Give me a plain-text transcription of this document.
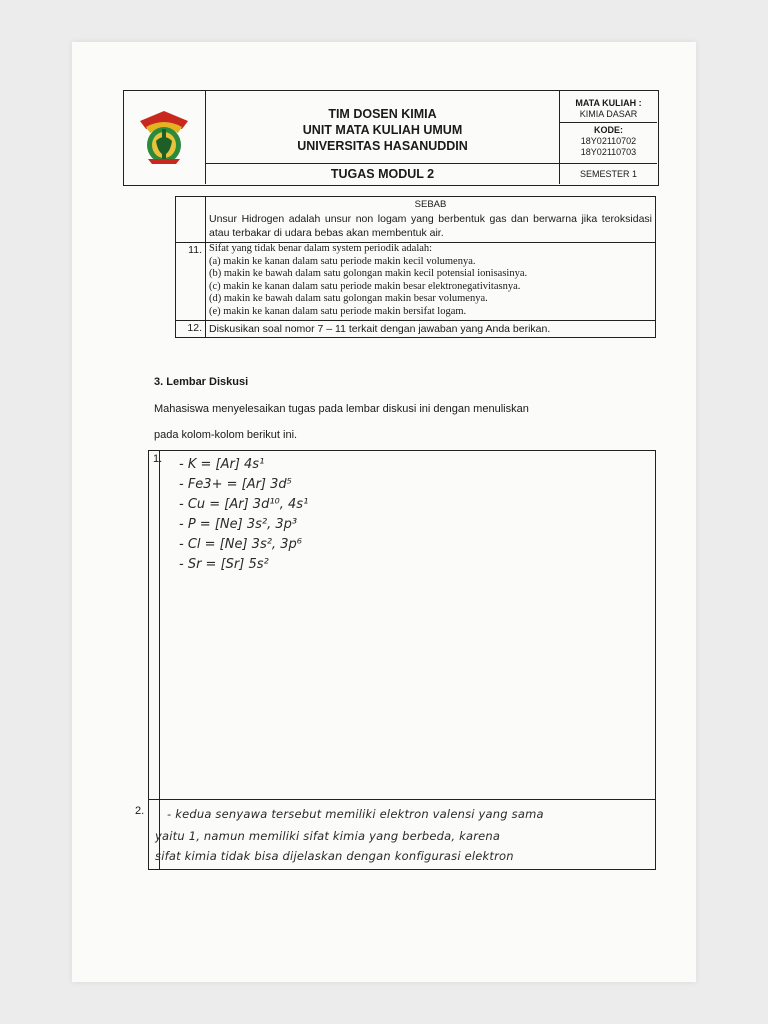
TIM DOSEN KIMIA
UNIT MATA KULIAH UMUM
UNIVERSITAS HASANUDDIN
TUGAS MODUL 2
MATA KULIAH :
KIMIA DASAR
KODE:
18Y02110702
18Y02110703
SEMESTER 1
SEBAB
Unsur Hidrogen adalah unsur non logam yang berbentuk gas dan berwarna jika teroksidasi atau terbakar di udara bebas akan membentuk air.
11. Sifat yang tidak benar dalam system periodik adalah:
(a) makin ke kanan dalam satu periode makin kecil volumenya.
(b) makin ke bawah dalam satu golongan makin kecil potensial ionisasinya.
(c) makin ke kanan dalam satu periode makin besar elektronegativitasnya.
(d) makin ke bawah dalam satu golongan makin besar volumenya.
(e) makin ke kanan dalam satu periode makin bersifat logam.
12. Diskusikan soal nomor 7 – 11 terkait dengan jawaban yang Anda berikan.
3. Lembar Diskusi
Mahasiswa menyelesaikan tugas pada lembar diskusi ini dengan menuliskan
pada kolom-kolom berikut ini.
1.
2.
- K = [Ar] 4s¹
- Fe3+ = [Ar] 3d⁵
- Cu = [Ar] 3d¹⁰, 4s¹
- P = [Ne] 3s², 3p³
- Cl = [Ne] 3s², 3p⁶
- Sr = [Sr] 5s²
- kedua senyawa tersebut memiliki elektron valensi yang sama
yaitu 1, namun memiliki sifat kimia yang berbeda, karena
sifat kimia tidak bisa dijelaskan dengan konfigurasi elektron
